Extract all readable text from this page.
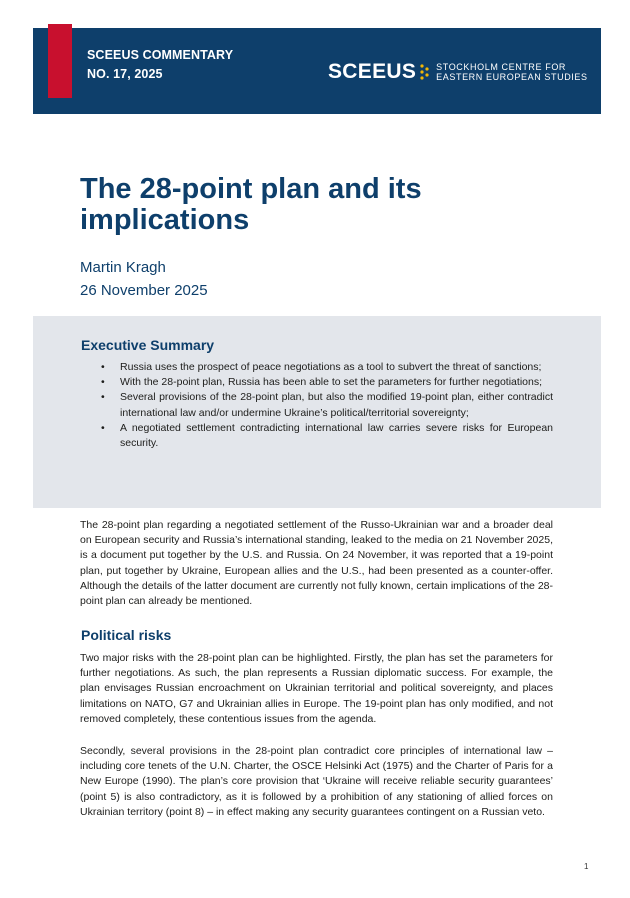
SCEEUS COMMENTARY
NO. 17, 2025	SCEEUS STOCKHOLM CENTRE FOR
EASTERN EUROPEAN STUDIES
The 28-point plan and its implications
Martin Kragh
26 November 2025
Executive Summary
• Russia uses the prospect of peace negotiations as a tool to subvert the threat of sanctions;
• With the 28-point plan, Russia has been able to set the parameters for further negotiations;
• Several provisions of the 28-point plan, but also the modified 19-point plan, either contradict international law and/or undermine Ukraine’s political/territorial sovereignty;
• A negotiated settlement contradicting international law carries severe risks for European security.

The 28-point plan regarding a negotiated settlement of the Russo-Ukrainian war and a broader deal on European security and Russia’s international standing, leaked to the media on 21 November 2025, is a document put together by the U.S. and Russia. On 24 November, it was reported that a 19-point plan, put together by Ukraine, European allies and the U.S., had been presented as a counter-offer. Although the details of the latter document are currently not fully known, certain implications of the 28-point plan can already be mentioned.

Political risks

Two major risks with the 28-point plan can be highlighted. Firstly, the plan has set the parameters for further negotiations. As such, the plan represents a Russian diplomatic success. For example, the plan envisages Russian encroachment on Ukrainian territorial and political sovereignty, and places limitations on NATO, G7 and Ukrainian allies in Europe. The 19-point plan has only modified, and not removed completely, these contentious issues from the agenda.

Secondly, several provisions in the 28-point plan contradict core principles of international law – including core tenets of the U.N. Charter, the OSCE Helsinki Act (1975) and the Charter of Paris for a New Europe (1990). The plan’s core provision that ‘Ukraine will receive reliable security guarantees’ (point 5) is also contradictory, as it is followed by a prohibition of any stationing of allied forces on Ukrainian territory (point 8) – in effect making any security guarantees contingent on a Russian veto.

1
